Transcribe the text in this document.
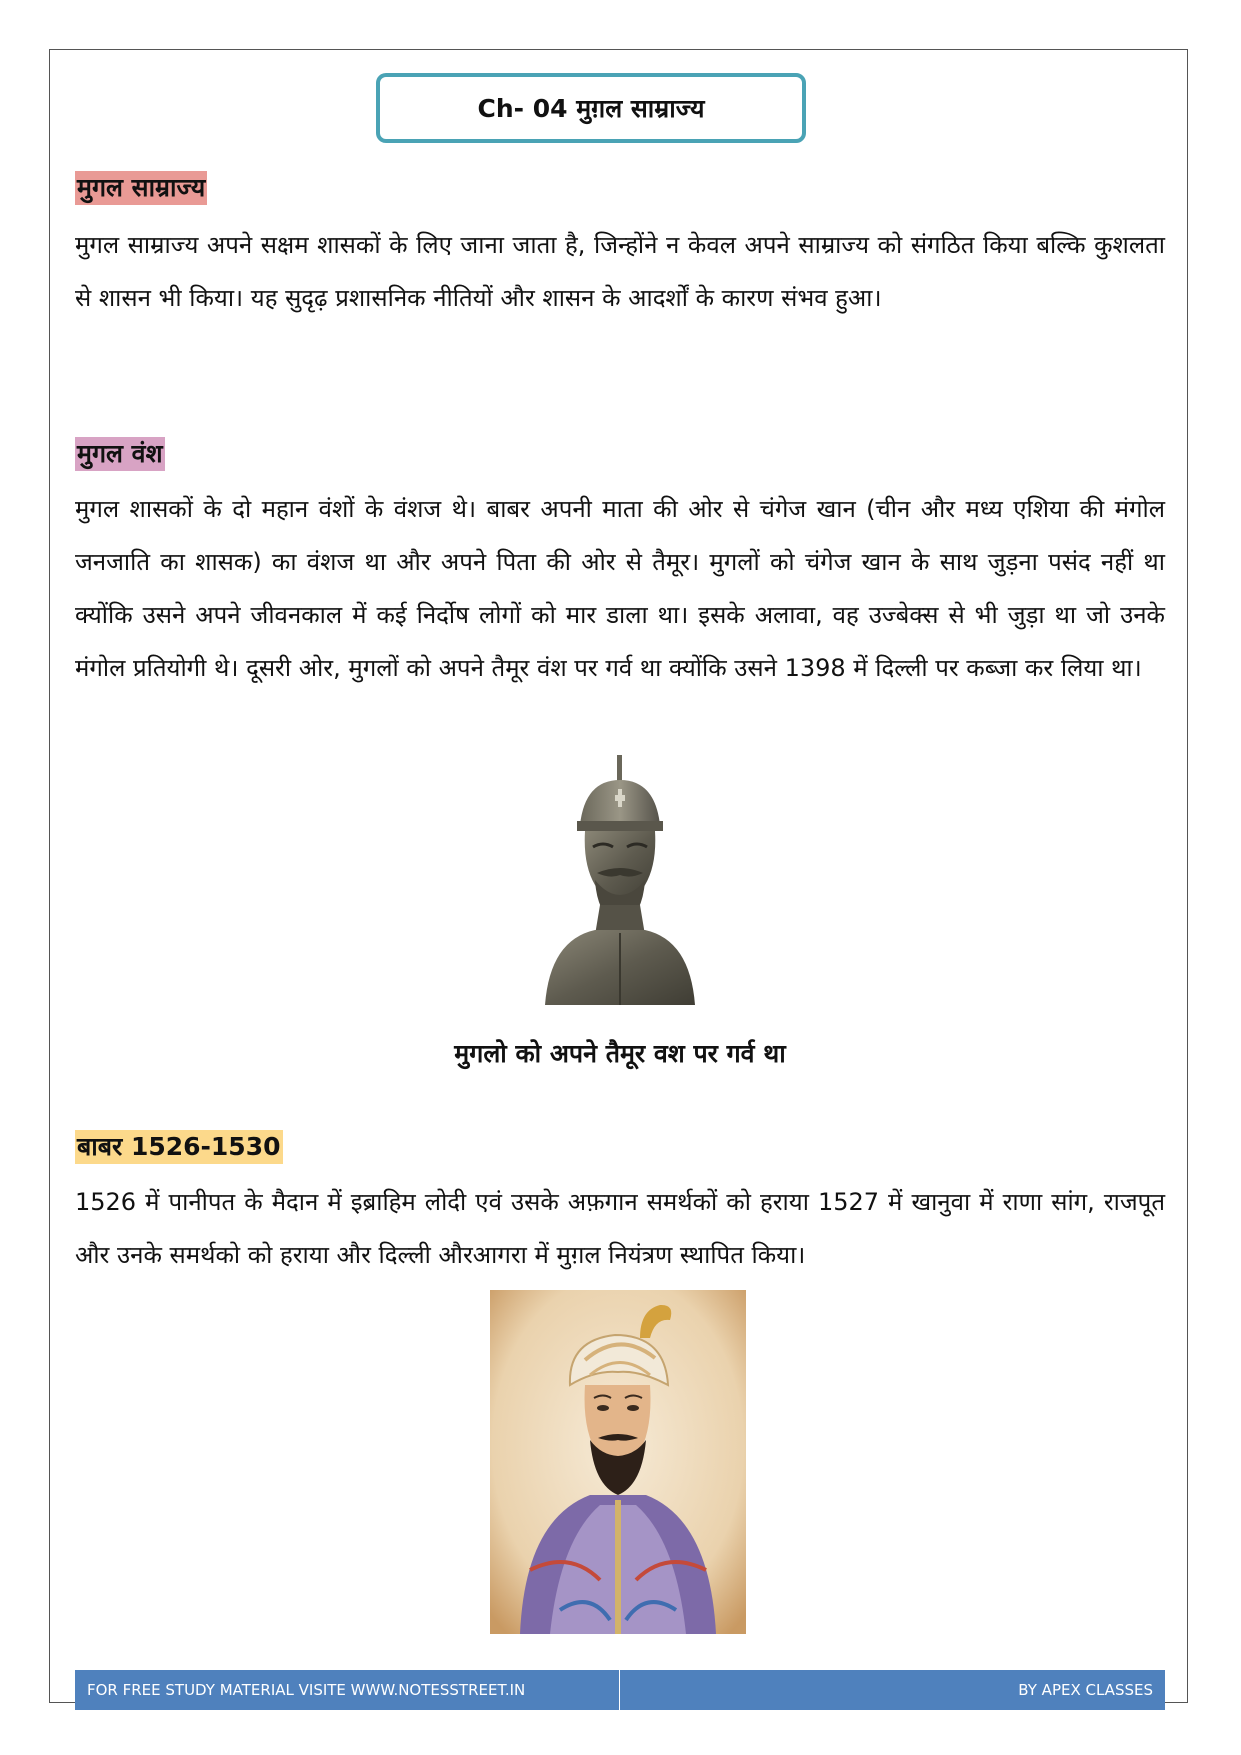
Ch- 04 मुग़ल साम्राज्य
मुगल साम्राज्य
मुगल साम्राज्य अपने सक्षम शासकों के लिए जाना जाता है, जिन्होंने न केवल अपने साम्राज्य को संगठित किया बल्कि कुशलता से शासन भी किया। यह सुदृढ़ प्रशासनिक नीतियों और शासन के आदर्शों के कारण संभव हुआ।
मुगल वंश
मुगल शासकों के दो महान वंशों के वंशज थे। बाबर अपनी माता की ओर से चंगेज खान (चीन और मध्य एशिया की मंगोल जनजाति का शासक) का वंशज था और अपने पिता की ओर से तैमूर। मुगलों को चंगेज खान के साथ जुड़ना पसंद नहीं था क्योंकि उसने अपने जीवनकाल में कई निर्दोष लोगों को मार डाला था। इसके अलावा, वह उज्बेक्स से भी जुड़ा था जो उनके मंगोल प्रतियोगी थे। दूसरी ओर, मुगलों को अपने तैमूर वंश पर गर्व था क्योंकि उसने 1398 में दिल्ली पर कब्जा कर लिया था।
मुगलो को अपने तैमूर वश पर गर्व था
बाबर 1526-1530
1526 में पानीपत के मैदान में इब्राहिम लोदी एवं उसके अफ़गान समर्थकों को हराया 1527 में खानुवा में राणा सांग, राजपूत और उनके समर्थको को हराया और दिल्ली औरआगरा में मुग़ल नियंत्रण स्थापित किया।
FOR FREE STUDY MATERIAL VISITE WWW.NOTESSTREET.IN	BY APEX CLASSES
